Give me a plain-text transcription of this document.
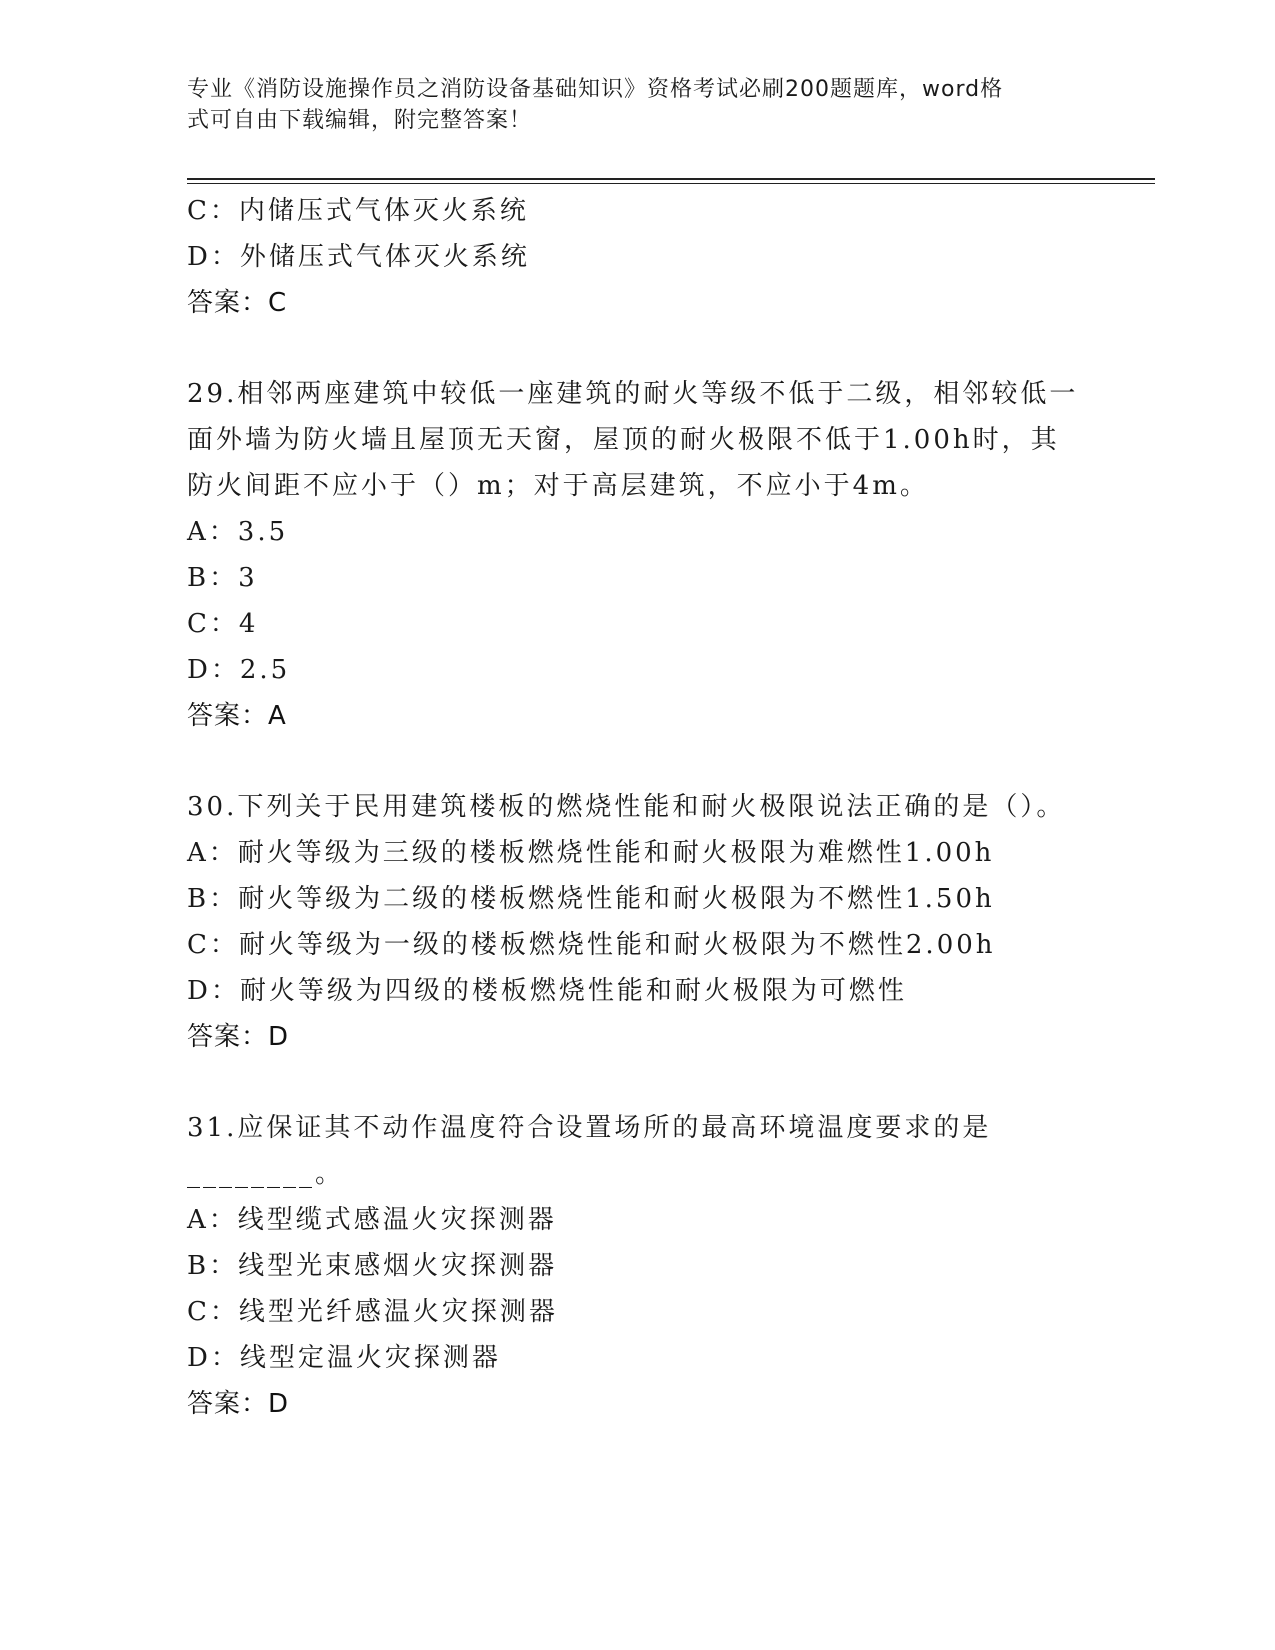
专业《消防设施操作员之消防设备基础知识》资格考试必刷200题题库，word格
式可自由下载编辑，附完整答案！
C：内储压式气体灭火系统
D：外储压式气体灭火系统
答案：C
29.相邻两座建筑中较低一座建筑的耐火等级不低于二级，相邻较低一
面外墙为防火墙且屋顶无天窗，屋顶的耐火极限不低于1.00h时，其
防火间距不应小于（）m；对于高层建筑，不应小于4m。
A：3.5
B：3
C：4
D：2.5
答案：A
30.下列关于民用建筑楼板的燃烧性能和耐火极限说法正确的是（）。
A：耐火等级为三级的楼板燃烧性能和耐火极限为难燃性1.00h
B：耐火等级为二级的楼板燃烧性能和耐火极限为不燃性1.50h
C：耐火等级为一级的楼板燃烧性能和耐火极限为不燃性2.00h
D：耐火等级为四级的楼板燃烧性能和耐火极限为可燃性
答案：D
31.应保证其不动作温度符合设置场所的最高环境温度要求的是
________。
A：线型缆式感温火灾探测器
B：线型光束感烟火灾探测器
C：线型光纤感温火灾探测器
D：线型定温火灾探测器
答案：D
